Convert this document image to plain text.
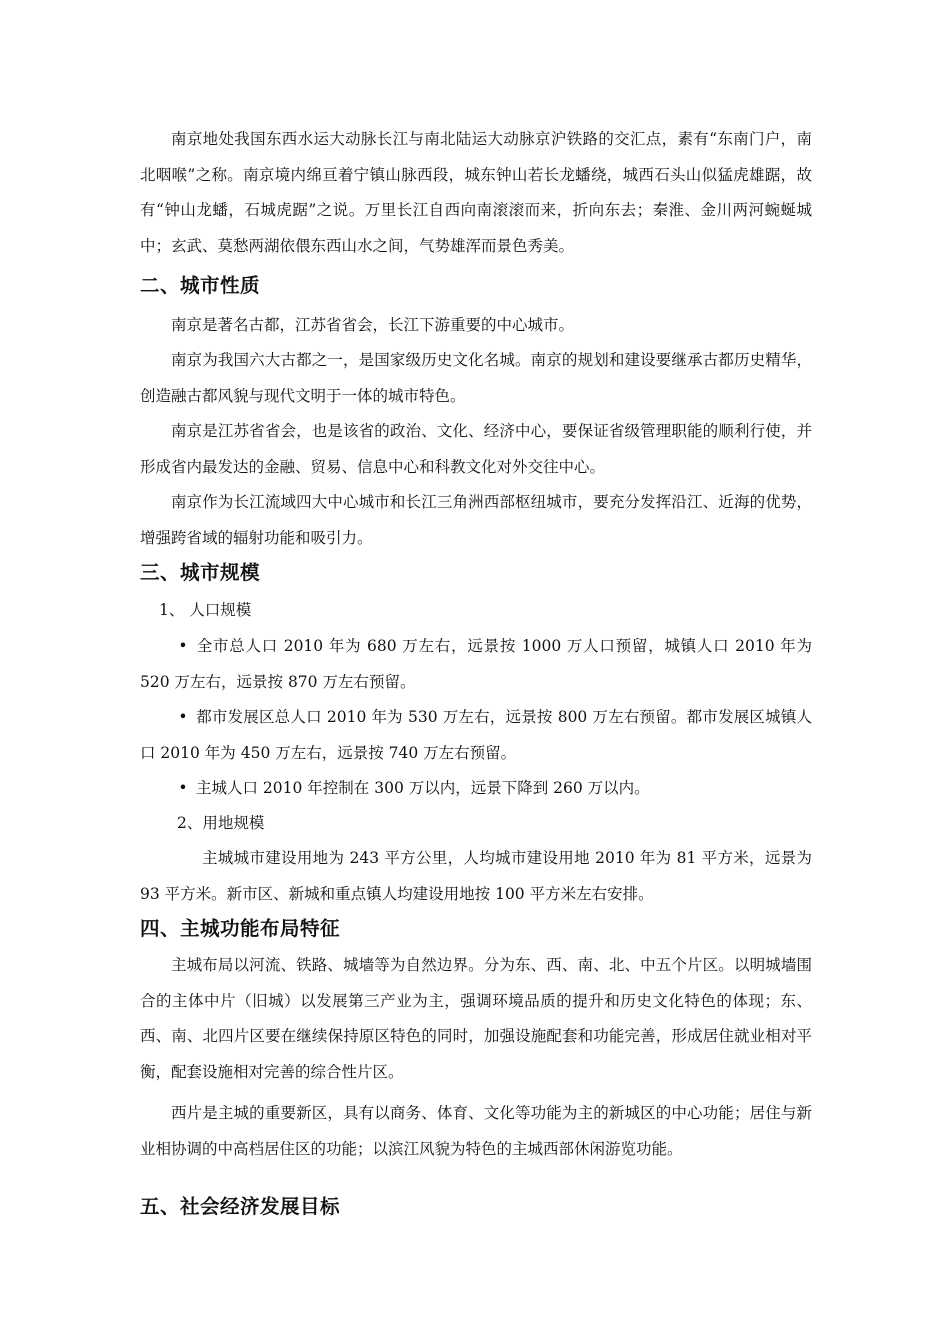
南京地处我国东西水运大动脉长江与南北陆运大动脉京沪铁路的交汇点，素有“东南门户，南北咽喉”之称。南京境内绵亘着宁镇山脉西段，城东钟山若长龙蟠绕，城西石头山似猛虎雄踞，故有“钟山龙蟠，石城虎踞”之说。万里长江自西向南滚滚而来，折向东去；秦淮、金川两河蜿蜒城中；玄武、莫愁两湖依偎东西山水之间，气势雄浑而景色秀美。

二、城市性质

南京是著名古都，江苏省省会，长江下游重要的中心城市。

南京为我国六大古都之一，是国家级历史文化名城。南京的规划和建设要继承古都历史精华，创造融古都风貌与现代文明于一体的城市特色。

南京是江苏省省会，也是该省的政治、文化、经济中心，要保证省级管理职能的顺利行使，并形成省内最发达的金融、贸易、信息中心和科教文化对外交往中心。

南京作为长江流域四大中心城市和长江三角洲西部枢纽城市，要充分发挥沿江、近海的优势，增强跨省域的辐射功能和吸引力。

三、城市规模

1、 人口规模

• 全市总人口 2010 年为 680 万左右，远景按 1000 万人口预留，城镇人口 2010 年为 520 万左右，远景按 870 万左右预留。

• 都市发展区总人口 2010 年为 530 万左右，远景按 800 万左右预留。都市发展区城镇人口 2010 年为 450 万左右，远景按 740 万左右预留。

• 主城人口 2010 年控制在 300 万以内，远景下降到 260 万以内。

2、用地规模

主城城市建设用地为 243 平方公里，人均城市建设用地 2010 年为 81 平方米，远景为 93 平方米。新市区、新城和重点镇人均建设用地按 100 平方米左右安排。

四、主城功能布局特征

主城布局以河流、铁路、城墙等为自然边界。分为东、西、南、北、中五个片区。以明城墙围合的主体中片（旧城）以发展第三产业为主，强调环境品质的提升和历史文化特色的体现；东、西、南、北四片区要在继续保持原区特色的同时，加强设施配套和功能完善，形成居住就业相对平衡，配套设施相对完善的综合性片区。

西片是主城的重要新区，具有以商务、体育、文化等功能为主的新城区的中心功能；居住与新业相协调的中高档居住区的功能；以滨江风貌为特色的主城西部休闲游览功能。

五、社会经济发展目标
